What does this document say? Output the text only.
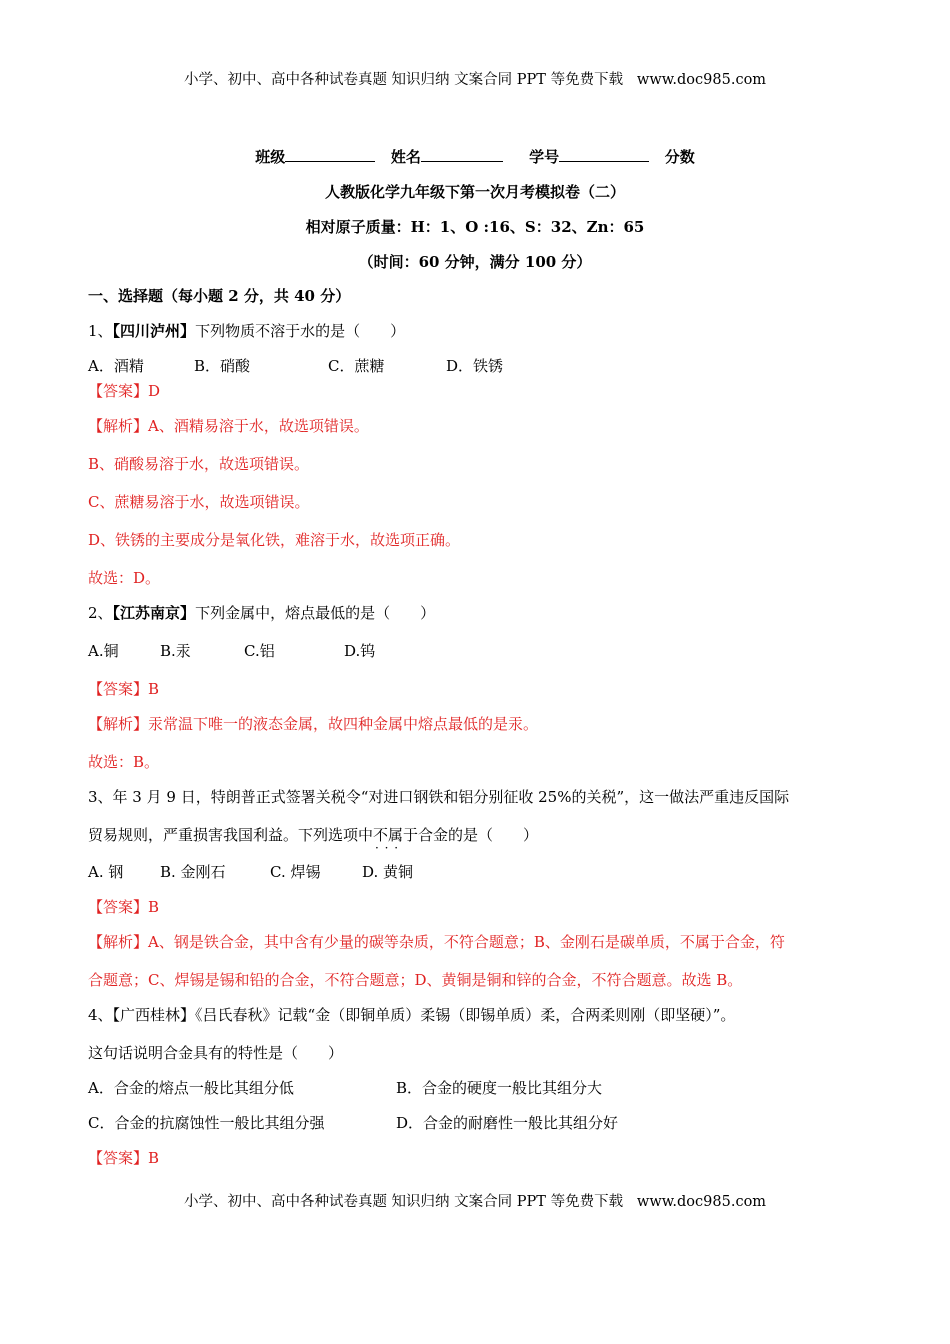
小学、初中、高中各种试卷真题 知识归纳 文案合同 PPT 等免费下载 www.doc985.com
班级	姓名	学号	分数
人教版化学九年级下第一次月考模拟卷（二）
相对原子质量：H：1、O :16、S：32、Zn：65
（时间：60 分钟，满分 100 分）
一、选择题（每小题 2 分，共 40 分）
1、【四川泸州】下列物质不溶于水的是（　　）
A．酒精	B．硝酸	C．蔗糖	D．铁锈
【答案】D
【解析】A、酒精易溶于水，故选项错误。
B、硝酸易溶于水，故选项错误。
C、蔗糖易溶于水，故选项错误。
D、铁锈的主要成分是氧化铁，难溶于水，故选项正确。
故选：D。
2、【江苏南京】下列金属中，熔点最低的是（　　）
A.铜	B.汞	C.铝	D.钨
【答案】B
【解析】汞常温下唯一的液态金属，故四种金属中熔点最低的是汞。
故选：B。
3、年 3 月 9 日，特朗普正式签署关税令“对进口钢铁和铝分别征收 25%的关税”，这一做法严重违反国际
贸易规则，严重损害我国利益。下列选项中不属于 · · ·合金的是（　　）
A. 钢 B. 金刚石	C. 焊锡	D. 黄铜
【答案】B
【解析】A、钢是铁合金，其中含有少量的碳等杂质，不符合题意；B、金刚石是碳单质，不属于合金，符
合题意；C、焊锡是锡和铅的合金，不符合题意；D、黄铜是铜和锌的合金，不符合题意。故选 B。
4、【广西桂林】《吕氏春秋》记载“金（即铜单质）柔锡（即锡单质）柔，合两柔则刚（即坚硬）”。
这句话说明合金具有的特性是（　　）
A．合金的熔点一般比其组分低	B．合金的硬度一般比其组分大
C．合金的抗腐蚀性一般比其组分强	D．合金的耐磨性一般比其组分好
【答案】B
小学、初中、高中各种试卷真题 知识归纳 文案合同 PPT 等免费下载 www.doc985.com
